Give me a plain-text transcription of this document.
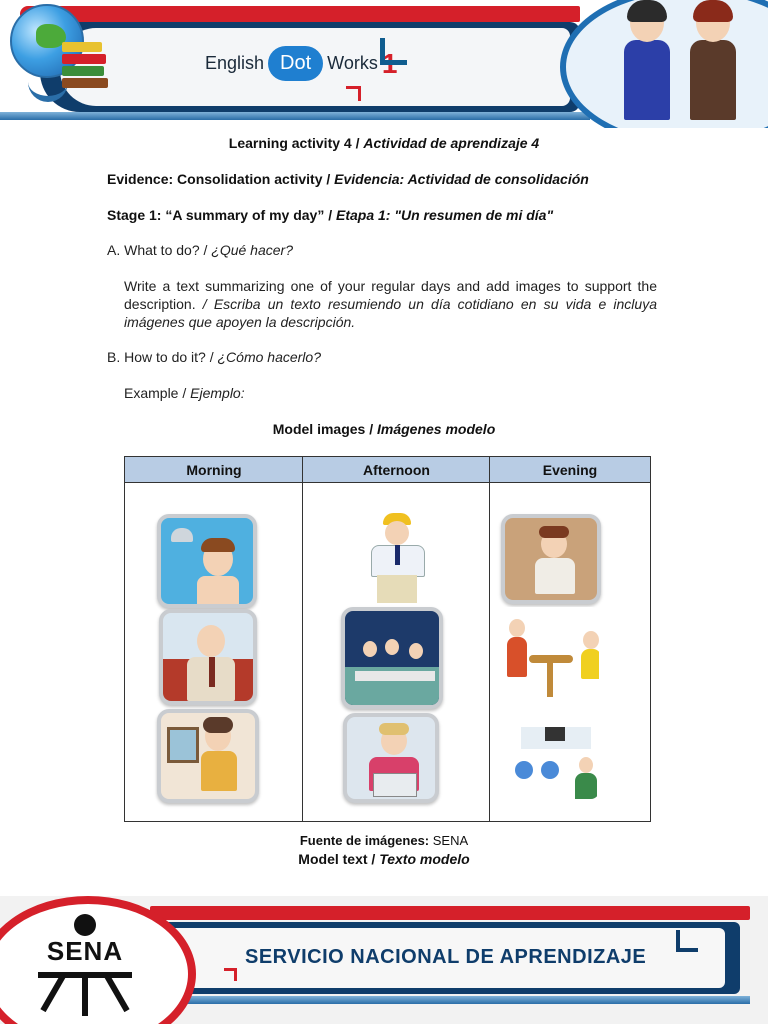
English Dot Works 1
Learning activity 4 / Actividad de aprendizaje 4
Evidence: Consolidation activity / Evidencia: Actividad de consolidación
Stage 1: “A summary of my day” / Etapa 1: "Un resumen de mi día"
A. What to do? / ¿Qué hacer?
Write a text summarizing one of your regular days and add images to support the description. / Escriba un texto resumiendo un día cotidiano en su vida e incluya imágenes que apoyen la descripción.
B. How to do it? / ¿Cómo hacerlo?
Example / Ejemplo:
Model images / Imágenes modelo
Morning	Afternoon	Evening
Fuente de imágenes: SENA
Model text / Texto modelo
SENA	SERVICIO NACIONAL DE APRENDIZAJE
